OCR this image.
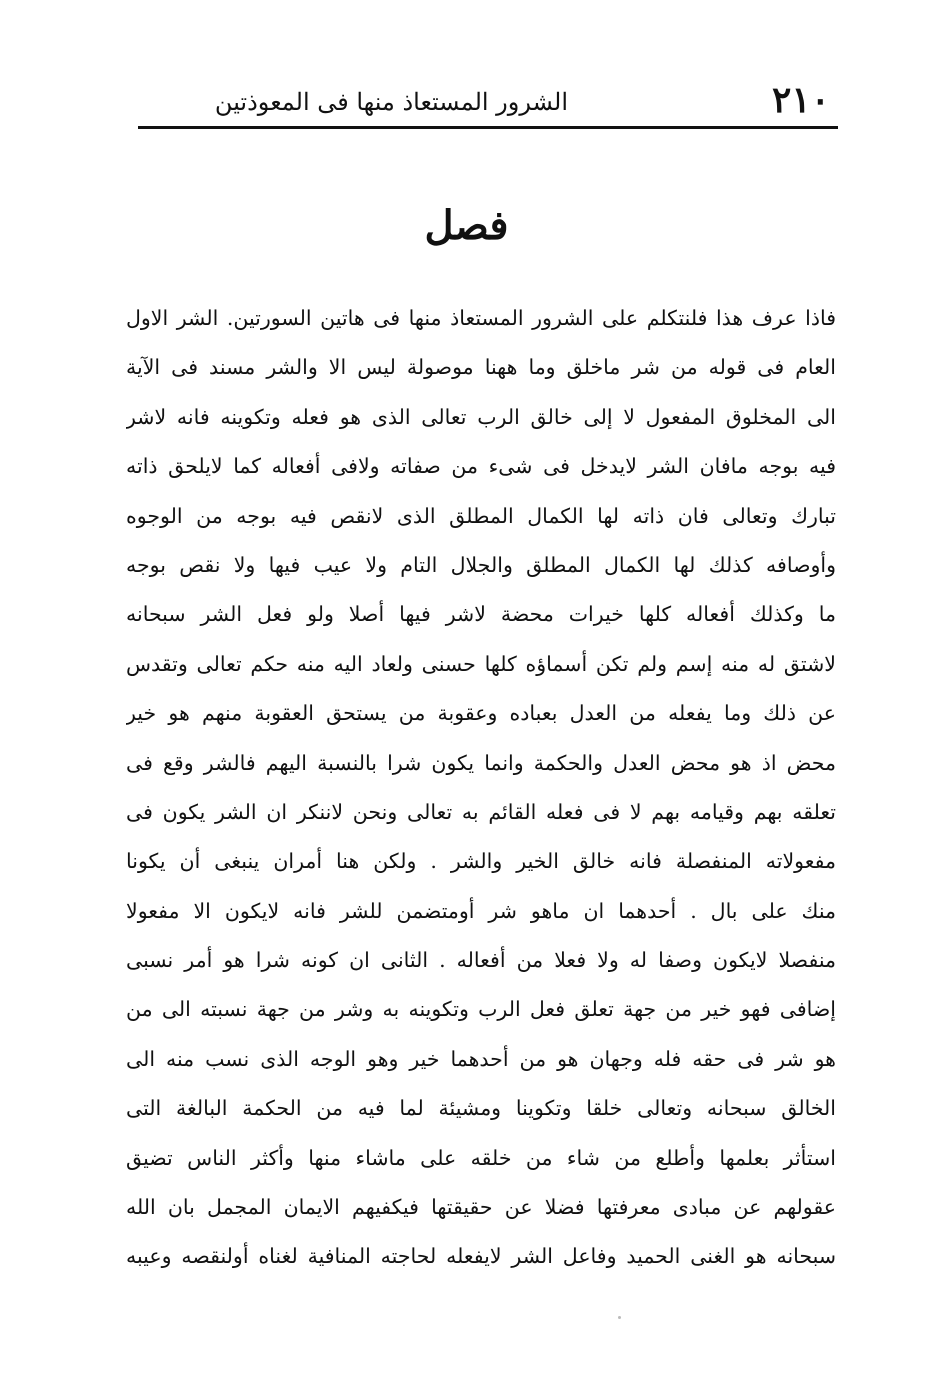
٢١٠
الشرور المستعاذ منها فى المعوذتين
فصل
فاذا عرف هذا فلنتكلم على الشرور المستعاذ منها فى هاتين السورتين. الشر الاول
العام فى قوله من شر ماخلق وما ههنا موصولة ليس الا والشر مسند فى الآية
الى المخلوق المفعول لا إلى خالق الرب تعالى الذى هو فعله وتكوينه فانه لاشر
فيه بوجه مافان الشر لايدخل فى شىء من صفاته ولافى أفعاله كما لايلحق ذاته
تبارك وتعالى فان ذاته لها الكمال المطلق الذى لانقص فيه بوجه من الوجوه
وأوصافه كذلك لها الكمال المطلق والجلال التام ولا عيب فيها ولا نقص بوجه
ما وكذلك أفعاله كلها خيرات محضة لاشر فيها أصلا ولو فعل الشر سبحانه
لاشتق له منه إسم ولم تكن أسماؤه كلها حسنى ولعاد اليه منه حكم تعالى وتقدس
عن ذلك وما يفعله من العدل بعباده وعقوبة من يستحق العقوبة منهم هو خير
محض اذ هو محض العدل والحكمة وانما يكون شرا بالنسبة اليهم فالشر وقع فى
تعلقه بهم وقيامه بهم لا فى فعله القائم به تعالى ونحن لاننكر ان الشر يكون فى
مفعولاته المنفصلة فانه خالق الخير والشر . ولكن هنا أمران ينبغى أن يكونا
منك على بال . أحدهما ان ماهو شر أومتضمن للشر فانه لايكون الا مفعولا
منفصلا لايكون وصفا له ولا فعلا من أفعاله . الثانى ان كونه شرا هو أمر نسبى
إضافى فهو خير من جهة تعلق فعل الرب وتكوينه به وشر من جهة نسبته الى من
هو شر فى حقه فله وجهان هو من أحدهما خير وهو الوجه الذى نسب منه الى
الخالق سبحانه وتعالى خلقا وتكوينا ومشيئة لما فيه من الحكمة البالغة التى
استأثر بعلمها وأطلع من شاء من خلقه على ماشاء منها وأكثر الناس تضيق
عقولهم عن مبادى معرفتها فضلا عن حقيقتها فيكفيهم الايمان المجمل بان الله
سبحانه هو الغنى الحميد وفاعل الشر لايفعله لحاجته المنافية لغناه أولنقصه وعيبه
